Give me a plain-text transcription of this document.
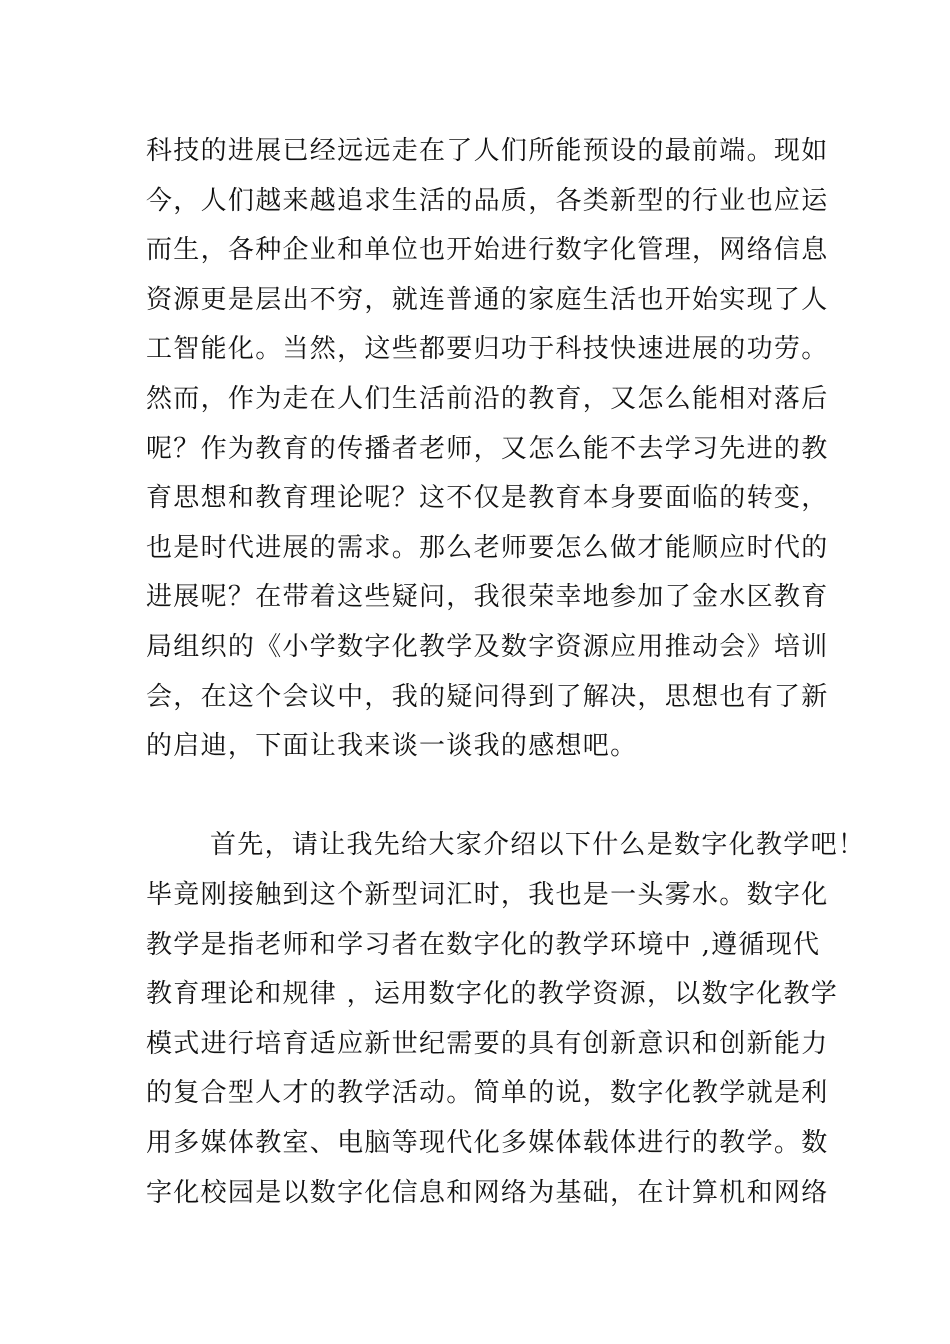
科技的进展已经远远走在了人们所能预设的最前端。现如
今，人们越来越追求生活的品质，各类新型的行业也应运
而生，各种企业和单位也开始进行数字化管理，网络信息
资源更是层出不穷，就连普通的家庭生活也开始实现了人
工智能化。当然，这些都要归功于科技快速进展的功劳。
然而，作为走在人们生活前沿的教育，又怎么能相对落后
呢？作为教育的传播者老师，又怎么能不去学习先进的教
育思想和教育理论呢？这不仅是教育本身要面临的转变，
也是时代进展的需求。那么老师要怎么做才能顺应时代的
进展呢？在带着这些疑问，我很荣幸地参加了金水区教育
局组织的《小学数字化教学及数字资源应用推动会》培训
会，在这个会议中，我的疑问得到了解决，思想也有了新
的启迪，下面让我来谈一谈我的感想吧。
首先，请让我先给大家介绍以下什么是数字化教学吧！
毕竟刚接触到这个新型词汇时，我也是一头雾水。数字化
教学是指老师和学习者在数字化的教学环境中 ,遵循现代
教育理论和规律 ，运用数字化的教学资源，以数字化教学
模式进行培育适应新世纪需要的具有创新意识和创新能力
的复合型人才的教学活动。简单的说，数字化教学就是利
用多媒体教室、电脑等现代化多媒体载体进行的教学。数
字化校园是以数字化信息和网络为基础，在计算机和网络
